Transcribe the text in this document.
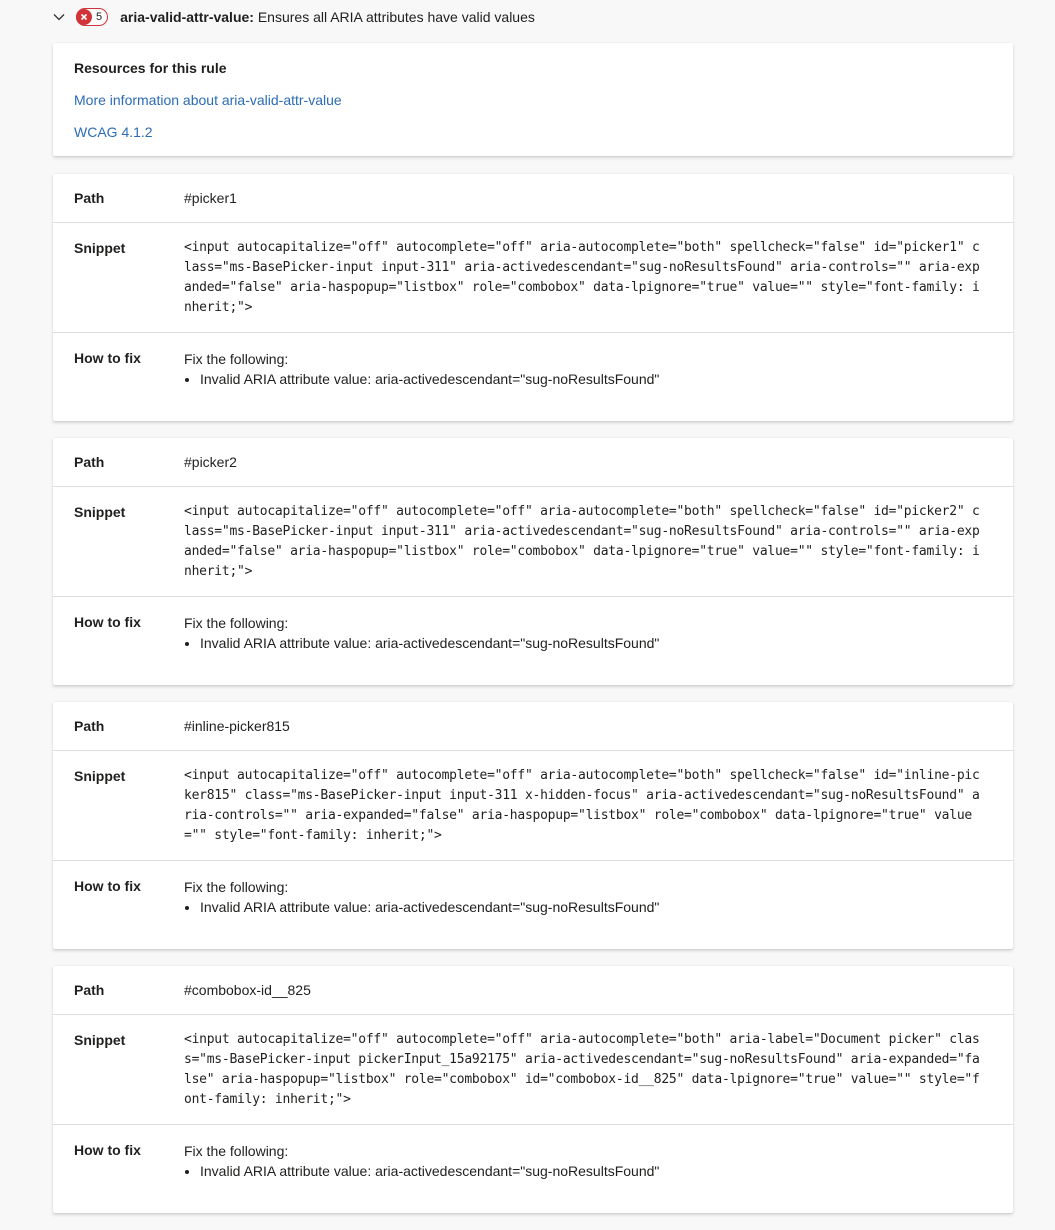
5 aria-valid-attr-value: Ensures all ARIA attributes have valid values
Resources for this rule
More information about aria-valid-attr-value
WCAG 4.1.2
Path	#picker1
Snippet	<input autocapitalize="off" autocomplete="off" aria-autocomplete="both" spellcheck="false" id="picker1" class="ms-BasePicker-input input-311" aria-activedescendant="sug-noResultsFound" aria-controls="" aria-expanded="false" aria-haspopup="listbox" role="combobox" data-lpignore="true" value="" style="font-family: inherit;">
How to fix	Fix the following:
• Invalid ARIA attribute value: aria-activedescendant="sug-noResultsFound"
Path	#picker2
Snippet	<input autocapitalize="off" autocomplete="off" aria-autocomplete="both" spellcheck="false" id="picker2" class="ms-BasePicker-input input-311" aria-activedescendant="sug-noResultsFound" aria-controls="" aria-expanded="false" aria-haspopup="listbox" role="combobox" data-lpignore="true" value="" style="font-family: inherit;">
How to fix	Fix the following:
• Invalid ARIA attribute value: aria-activedescendant="sug-noResultsFound"
Path	#inline-picker815
Snippet	<input autocapitalize="off" autocomplete="off" aria-autocomplete="both" spellcheck="false" id="inline-picker815" class="ms-BasePicker-input input-311 x-hidden-focus" aria-activedescendant="sug-noResultsFound" aria-controls="" aria-expanded="false" aria-haspopup="listbox" role="combobox" data-lpignore="true" value="" style="font-family: inherit;">
How to fix	Fix the following:
• Invalid ARIA attribute value: aria-activedescendant="sug-noResultsFound"
Path	#combobox-id__825
Snippet	<input autocapitalize="off" autocomplete="off" aria-autocomplete="both" aria-label="Document picker" class="ms-BasePicker-input pickerInput_15a92175" aria-activedescendant="sug-noResultsFound" aria-expanded="false" aria-haspopup="listbox" role="combobox" id="combobox-id__825" data-lpignore="true" value="" style="font-family: inherit;">
How to fix	Fix the following:
• Invalid ARIA attribute value: aria-activedescendant="sug-noResultsFound"
